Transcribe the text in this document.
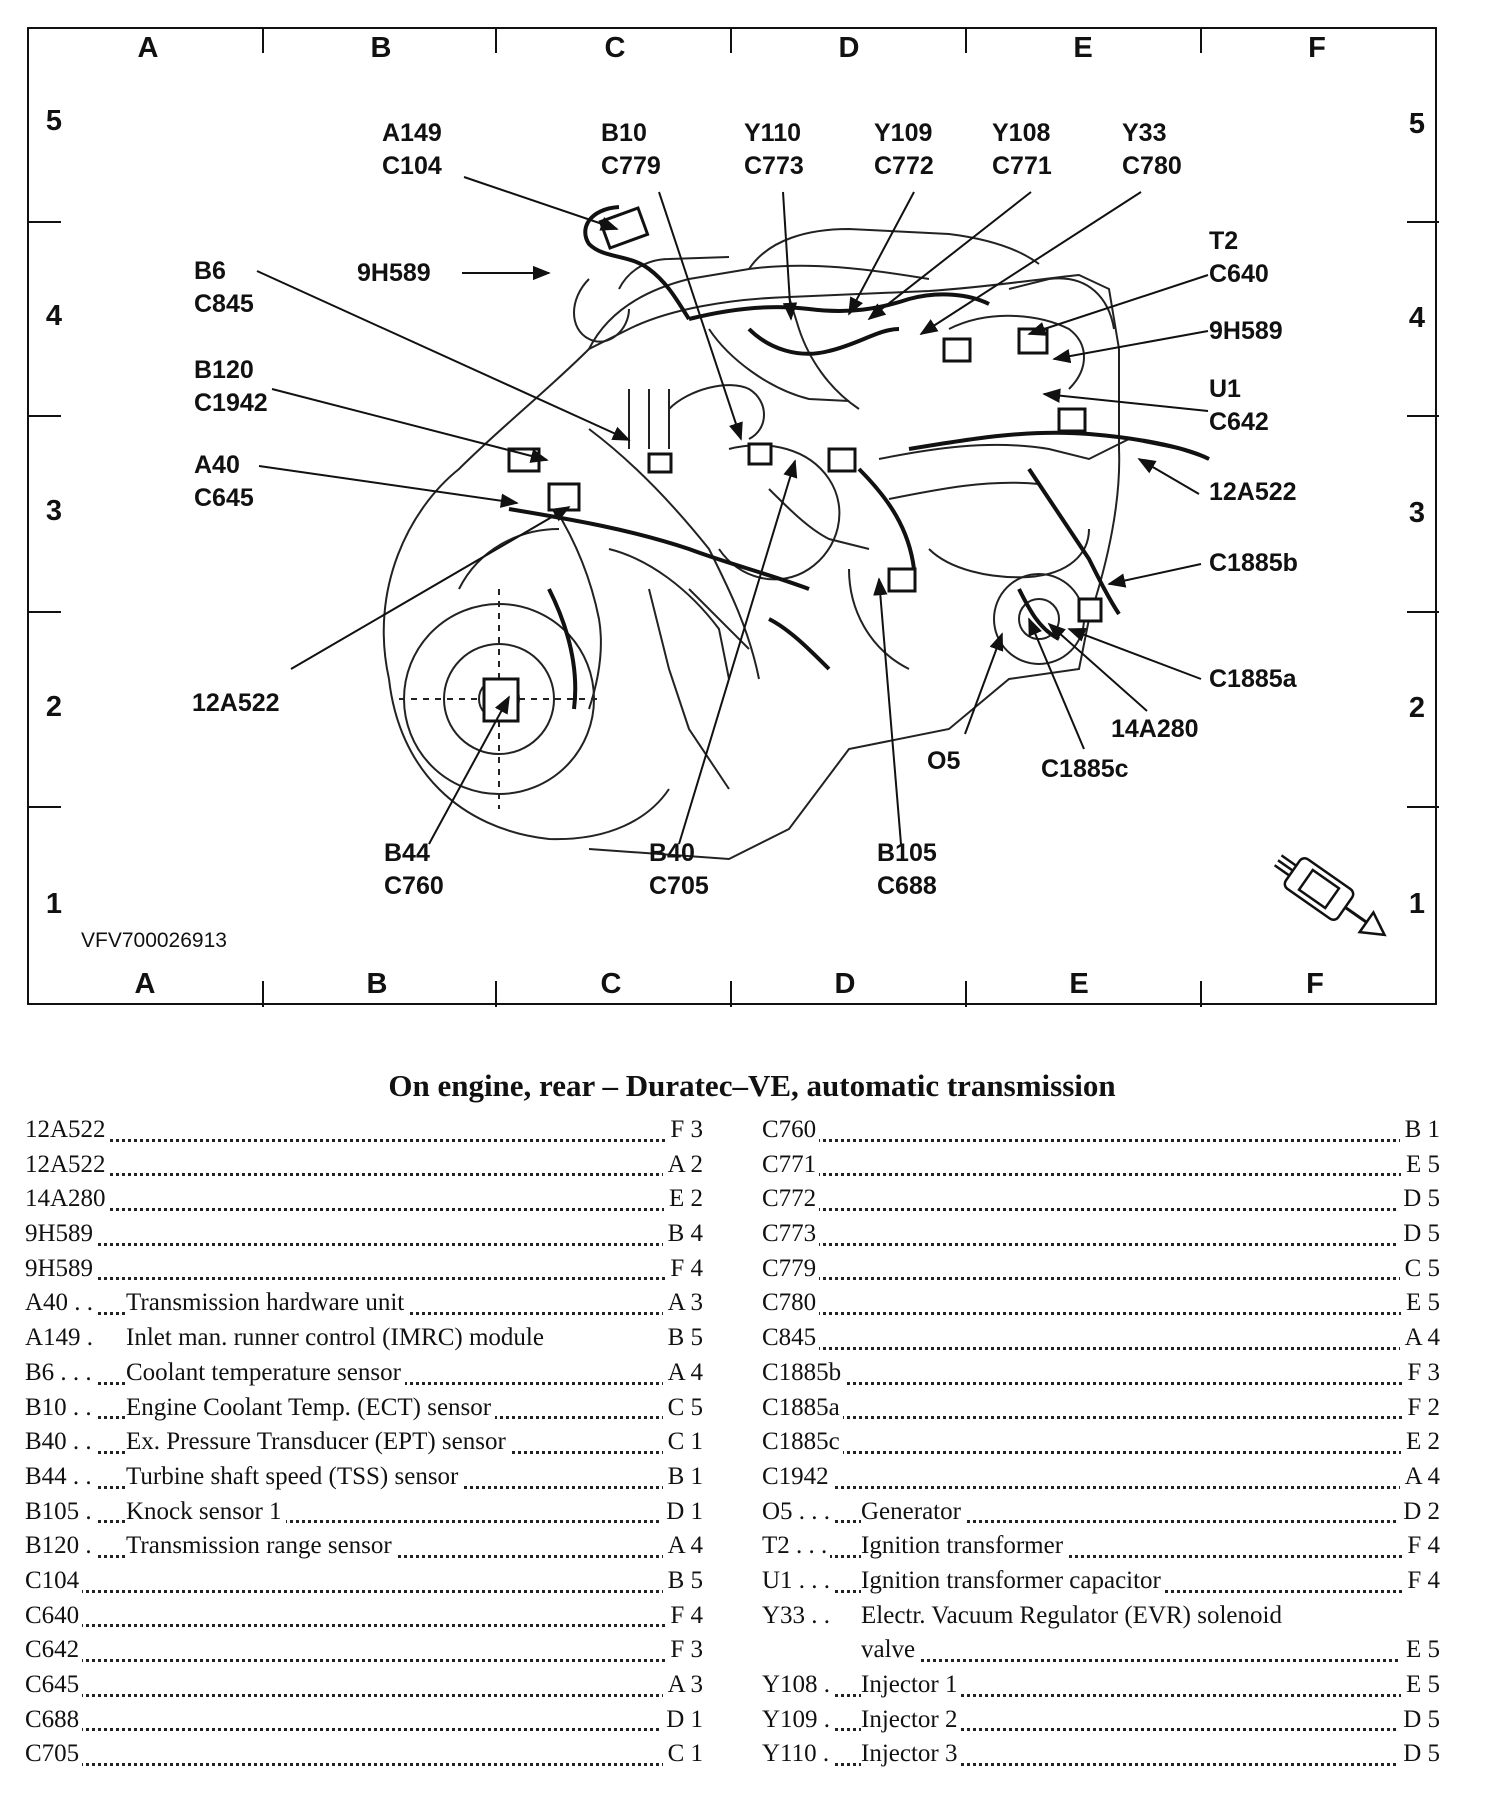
A	B	C	D	E	F
A	B	C	D	E	F
5
4
3
2
1
5
4
3
2
1
A149
C104
B10
C779
Y110
C773
Y109
C772
Y108
C771
Y33
C780
T2
C640
9H589
U1
C642
12A522
C1885b
C1885a
14A280
C1885c
O5
B105
C688
B40
C705
B44
C760
12A522
A40
C645
B120
C1942
B6
C845
9H589
VFV700026913
On engine, rear – Duratec–VE, automatic transmission
12A522	F 3
12A522	A 2
14A280	E 2
9H589	B 4
9H589	F 4
A40 . . Transmission hardware unit	A 3
A149 . Inlet man. runner control (IMRC) module	B 5
B6 . . . Coolant temperature sensor	A 4
B10 . . Engine Coolant Temp. (ECT) sensor	C 5
B40 . . Ex. Pressure Transducer (EPT) sensor	C 1
B44 . . Turbine shaft speed (TSS) sensor	B 1
B105 . Knock sensor 1	D 1
B120 . Transmission range sensor	A 4
C104	B 5
C640	F 4
C642	F 3
C645	A 3
C688	D 1
C705	C 1
C760	B 1
C771	E 5
C772	D 5
C773	D 5
C779	C 5
C780	E 5
C845	A 4
C1885b	F 3
C1885a	F 2
C1885c	E 2
C1942	A 4
O5 . . . Generator	D 2
T2 . . . Ignition transformer	F 4
U1 . . . Ignition transformer capacitor	F 4
Y33 . . Electr. Vacuum Regulator (EVR) solenoid
valve	E 5
Y108 . Injector 1	E 5
Y109 . Injector 2	D 5
Y110 . Injector 3	D 5
